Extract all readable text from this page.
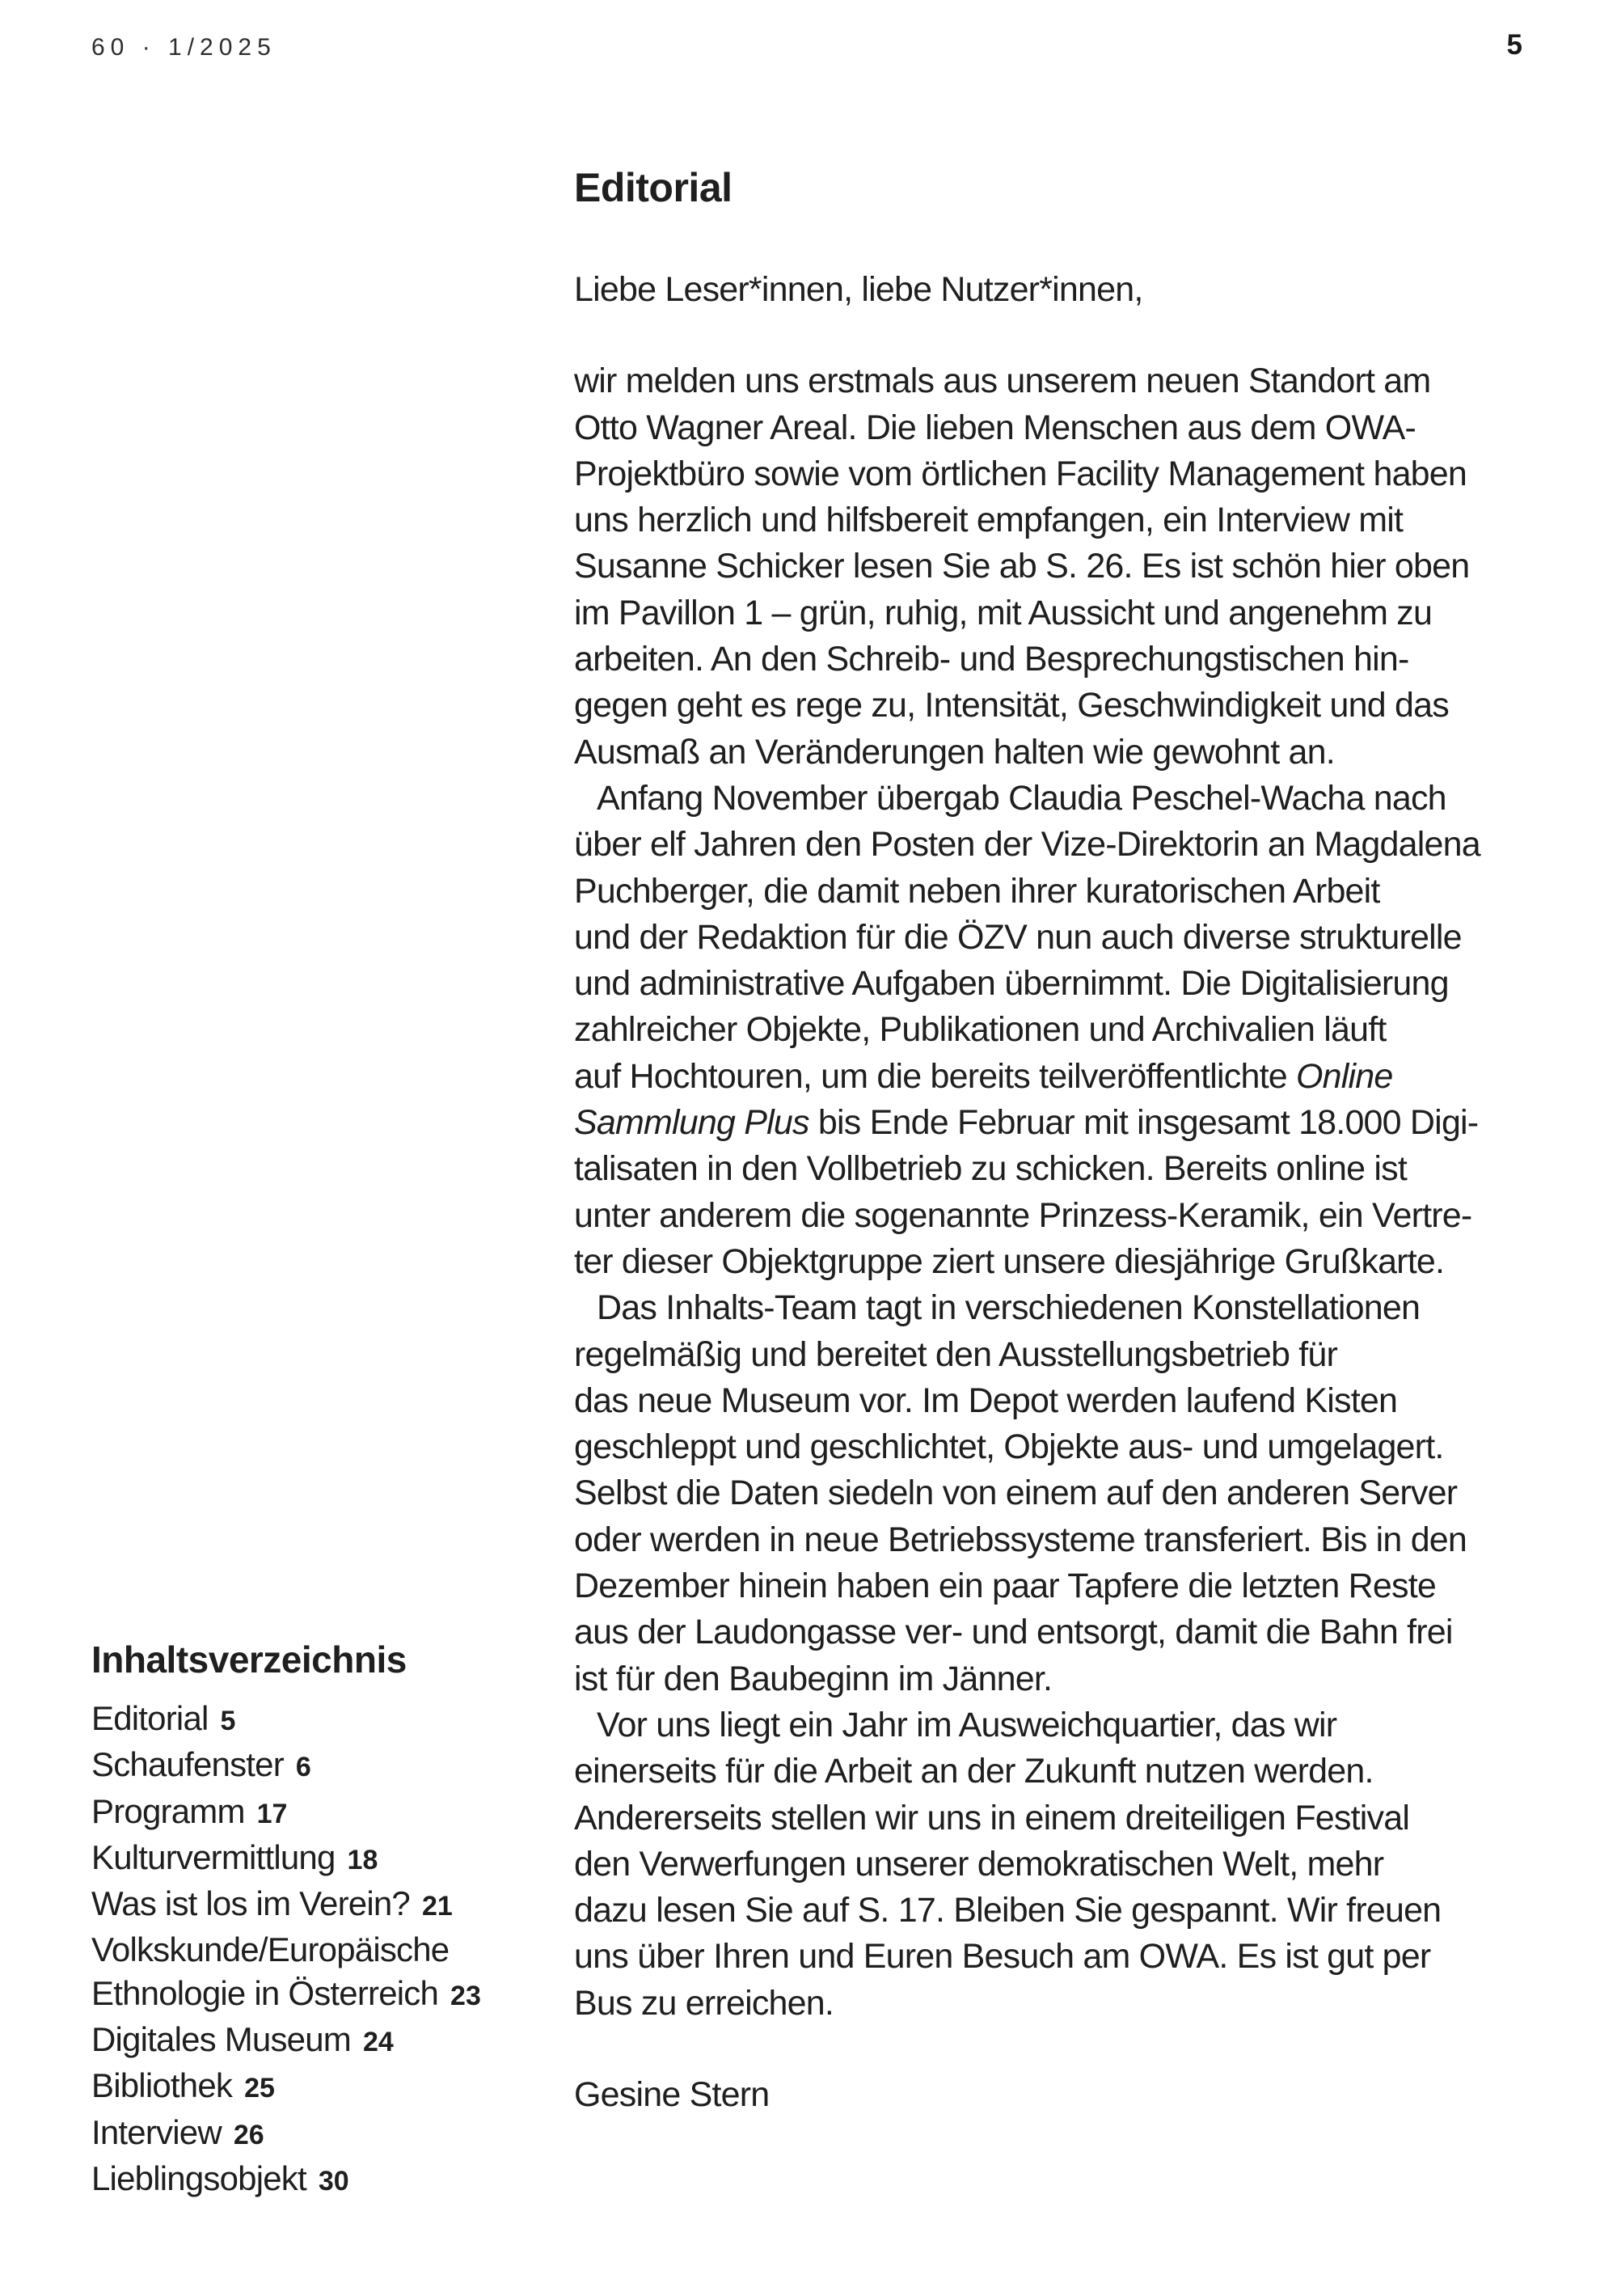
60 · 1/2025	5
Inhaltsverzeichnis
Editorial 5
Schaufenster 6
Programm 17
Kulturvermittlung 18
Was ist los im Verein? 21
Volkskunde/Europäische
Ethnologie in Österreich 23
Digitales Museum 24
Bibliothek 25
Interview 26
Lieblingsobjekt 30
Editorial

Liebe Leser*innen, liebe Nutzer*innen,

wir melden uns erstmals aus unserem neuen Standort am
Otto Wagner Areal. Die lieben Menschen aus dem OWA-
Projektbüro sowie vom örtlichen Facility Management haben
uns herzlich und hilfsbereit empfangen, ein Interview mit
Susanne Schicker lesen Sie ab S. 26. Es ist schön hier oben
im Pavillon 1 – grün, ruhig, mit Aussicht und angenehm zu
arbeiten. An den Schreib- und Besprechungstischen hin-
gegen geht es rege zu, Intensität, Geschwindigkeit und das
Ausmaß an Veränderungen halten wie gewohnt an.
Anfang November übergab Claudia Peschel-Wacha nach
über elf Jahren den Posten der Vize-Direktorin an Magdalena
Puchberger, die damit neben ihrer kuratorischen Arbeit
und der Redaktion für die ÖZV nun auch diverse strukturelle
und administrative Aufgaben übernimmt. Die Digitalisierung
zahlreicher Objekte, Publikationen und Archivalien läuft
auf Hochtouren, um die bereits teilveröffentlichte Online
Sammlung Plus bis Ende Februar mit insgesamt 18.000 Digi-
talisaten in den Vollbetrieb zu schicken. Bereits online ist
unter anderem die sogenannte Prinzess-Keramik, ein Vertre-
ter dieser Objektgruppe ziert unsere diesjährige Grußkarte.
Das Inhalts-Team tagt in verschiedenen Konstellationen
regelmäßig und bereitet den Ausstellungsbetrieb für
das neue Museum vor. Im Depot werden laufend Kisten
geschleppt und geschlichtet, Objekte aus- und umgelagert.
Selbst die Daten siedeln von einem auf den anderen Server
oder werden in neue Betriebssysteme transferiert. Bis in den
Dezember hinein haben ein paar Tapfere die letzten Reste
aus der Laudongasse ver- und entsorgt, damit die Bahn frei
ist für den Baubeginn im Jänner.
Vor uns liegt ein Jahr im Ausweichquartier, das wir
einerseits für die Arbeit an der Zukunft nutzen werden.
Andererseits stellen wir uns in einem dreiteiligen Festival
den Verwerfungen unserer demokratischen Welt, mehr
dazu lesen Sie auf S. 17. Bleiben Sie gespannt. Wir freuen
uns über Ihren und Euren Besuch am OWA. Es ist gut per
Bus zu erreichen.

Gesine Stern
